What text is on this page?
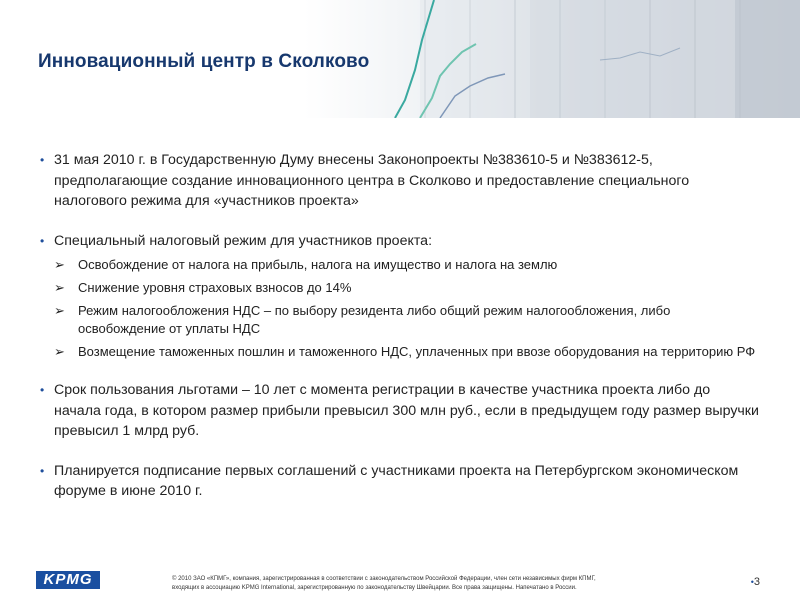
Инновационный центр в Сколково
• 31 мая 2010 г. в Государственную Думу внесены Законопроекты №383610-5 и №383612-5, предполагающие создание инновационного центра в Сколково и предоставление специального налогового режима для «участников проекта»
• Специальный налоговый режим для участников проекта:
➢ Освобождение от налога на прибыль, налога на имущество и налога на землю
➢ Снижение уровня страховых взносов до 14%
➢ Режим налогообложения НДС – по выбору резидента либо общий режим налогообложения, либо освобождение от уплаты НДС
➢ Возмещение таможенных пошлин и таможенного НДС, уплаченных при ввозе оборудования на территорию РФ
• Срок пользования льготами – 10 лет с момента регистрации в качестве участника проекта либо до начала года, в котором размер прибыли превысил 300 млн руб., если в предыдущем году размер выручки превысил 1 млрд руб.
• Планируется подписание первых соглашений с участниками проекта на Петербургском экономическом форуме в июне 2010 г.
KPMG	© 2010 ЗАО «КПМГ», компания, зарегистрированная в соответствии с законодательством Российской Федерации, член сети независимых фирм КПМГ,
входящих в ассоциацию KPMG International, зарегистрированную по законодательству Швейцарии. Все права защищены. Напечатано в России.
•3
